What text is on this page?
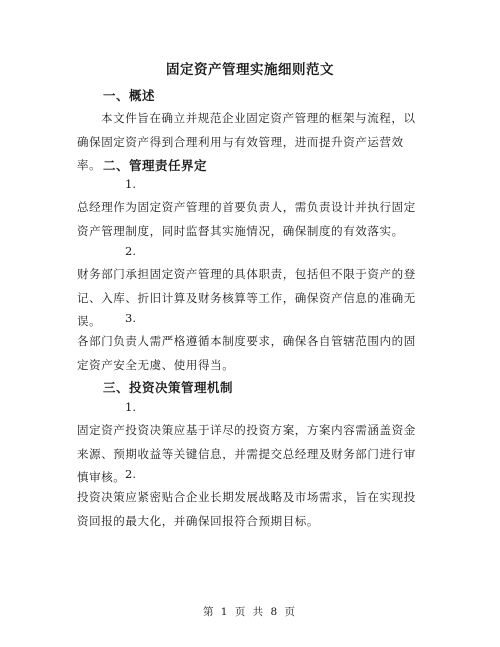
固定资产管理实施细则范文
一、概述
本文件旨在确立并规范企业固定资产管理的框架与流程，以确保固定资产得到合理利用与有效管理，进而提升资产运营效率。 二、管理责任界定
1.
总经理作为固定资产管理的首要负责人，需负责设计并执行固定资产管理制度，同时监督其实施情况，确保制度的有效落实。
2.
财务部门承担固定资产管理的具体职责，包括但不限于资产的登记、入库、折旧计算及财务核算等工作，确保资产信息的准确无误。	3.
各部门负责人需严格遵循本制度要求，确保各自管辖范围内的固定资产安全无虞、使用得当。
三、投资决策管理机制
1.
固定资产投资决策应基于详尽的投资方案，方案内容需涵盖资金来源、预期收益等关键信息，并需提交总经理及财务部门进行审慎审核。 2.
投资决策应紧密贴合企业长期发展战略及市场需求，旨在实现投资回报的最大化，并确保回报符合预期目标。
第 1 页 共 8 页
